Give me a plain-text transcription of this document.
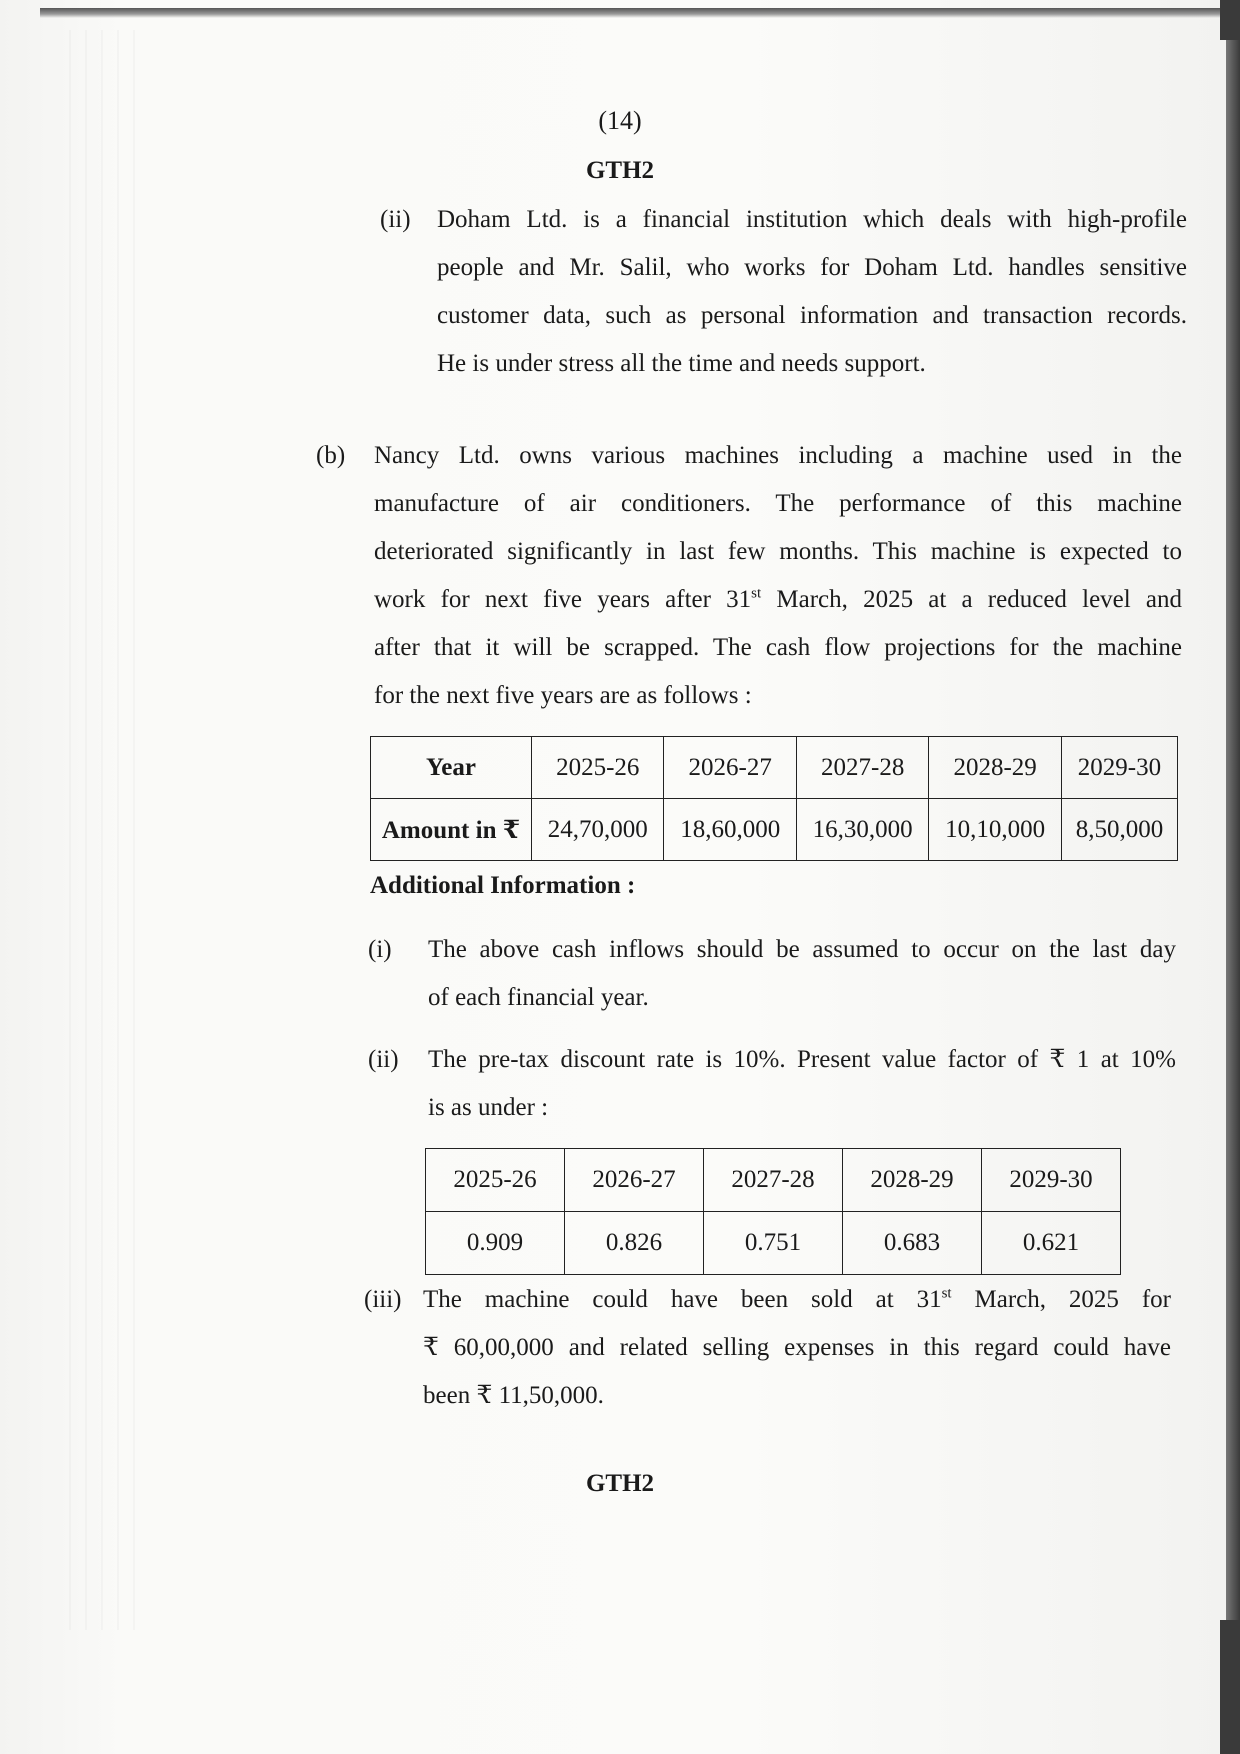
(14)
GTH2
(ii) Doham Ltd. is a financial institution which deals with high-profile
people and Mr. Salil, who works for Doham Ltd. handles sensitive
customer data, such as personal information and transaction records.
He is under stress all the time and needs support.
(b) Nancy Ltd. owns various machines including a machine used in the
manufacture of air conditioners. The performance of this machine
deteriorated significantly in last few months. This machine is expected to
work for next five years after 31st March, 2025 at a reduced level and
after that it will be scrapped. The cash flow projections for the machine
for the next five years are as follows :
Year	2025-26	2026-27	2027-28	2028-29	2029-30
Amount in ₹	24,70,000	18,60,000	16,30,000	10,10,000	8,50,000
Additional Information :
(i) The above cash inflows should be assumed to occur on the last day
of each financial year.
(ii) The pre-tax discount rate is 10%. Present value factor of ₹ 1 at 10%
is as under :
2025-26	2026-27	2027-28	2028-29	2029-30
0.909	0.826	0.751	0.683	0.621
(iii) The machine could have been sold at 31st March, 2025 for
₹ 60,00,000 and related selling expenses in this regard could have
been ₹ 11,50,000.
GTH2
